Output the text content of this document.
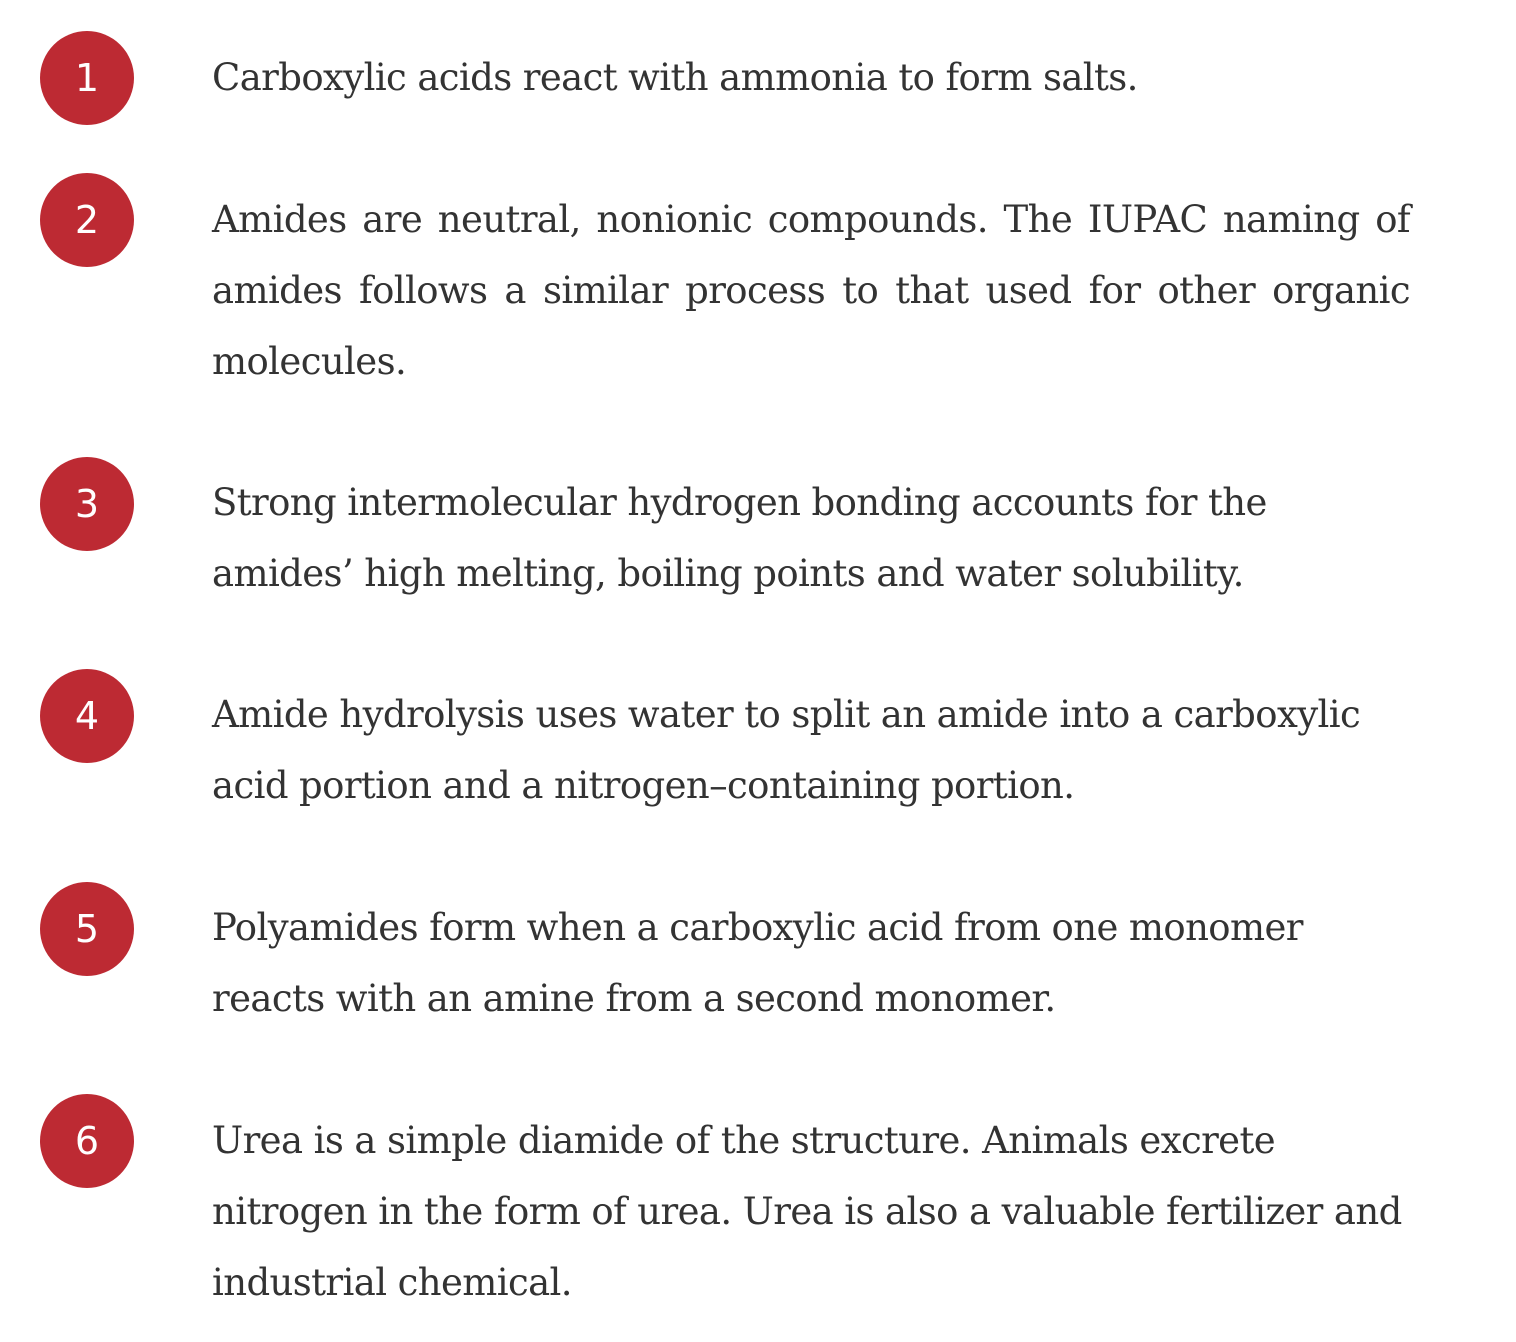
1	Carboxylic acids react with ammonia to form salts.

2	Amides are neutral, nonionic compounds. The IUPAC naming of amides follows a similar process to that used for other organic molecules.

3	Strong intermolecular hydrogen bonding accounts for the amides’ high melting, boiling points and water solubility.

4	Amide hydrolysis uses water to split an amide into a carboxylic acid portion and a nitrogen–containing portion.

5	Polyamides form when a carboxylic acid from one monomer reacts with an amine from a second monomer.

6	Urea is a simple diamide of the structure. Animals excrete nitrogen in the form of urea. Urea is also a valuable fertilizer and industrial chemical.
